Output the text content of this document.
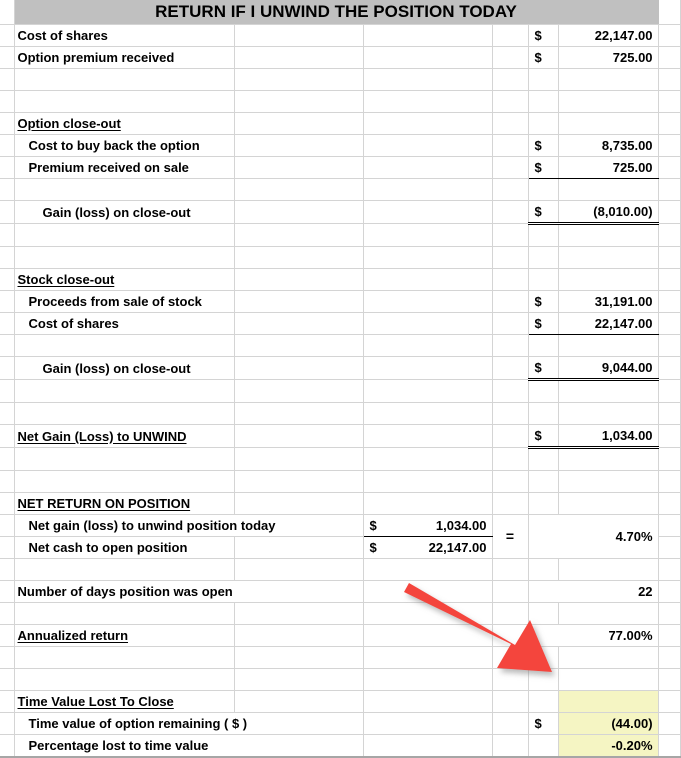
	RETURN IF I UNWIND THE POSITION TODAY						
	Cost of shares				$	22,147.00	
	Option premium received				$	725.00	

	Option close-out						
	Cost to buy back the option				$	8,735.00	
	Premium received on sale				$	725.00	

	Gain (loss) on close-out				$	(8,010.00)	

	Stock close-out						
	Proceeds from sale of stock				$	31,191.00	
	Cost of shares				$	22,147.00	

	Gain (loss) on close-out				$	9,044.00	

	Net Gain (Loss) to UNWIND				$	1,034.00	

	NET RETURN ON POSITION						
	Net gain (loss) to unwind position today		$ 1,034.00	=	4.70%		
	Net cash to open position		$ 22,147.00				

	Number of days position was open				22		

	Annualized return				77.00%		

	Time Value Lost To Close						
	Time value of option remaining ( $ )				$	(44.00)	
	Percentage lost to time value					-0.20%	
